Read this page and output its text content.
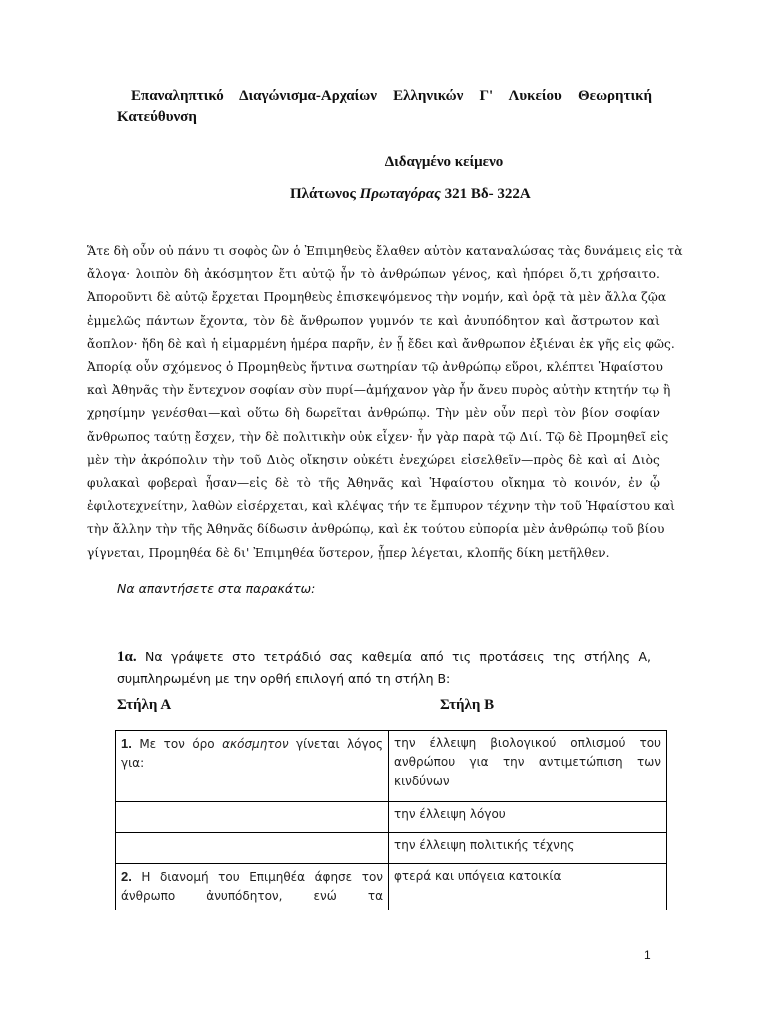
Επαναληπτικό Διαγώνισμα-Αρχαίων Ελληνικών Γ' Λυκείου Θεωρητική
Κατεύθυνση
Διδαγμένο κείμενο
Πλάτωνος Πρωταγόρας 321 Βδ- 322Α
Ἅτε δὴ οὖν οὐ πάνυ τι σοφὸς ὢν ὁ Ἐπιμηθεὺς ἔλαθεν αὑτὸν καταναλώσας τὰς δυνάμεις εἰς τὰ
ἄλογα· λοιπὸν δὴ ἀκόσμητον ἔτι αὐτῷ ἦν τὸ ἀνθρώπων γένος, καὶ ἠπόρει ὅ,τι χρήσαιτο.
Ἀποροῦντι δὲ αὐτῷ ἔρχεται Προμηθεὺς ἐπισκεψόμενος τὴν νομήν, καὶ ὁρᾷ τὰ μὲν ἄλλα ζῷα
ἐμμελῶς πάντων ἔχοντα, τὸν δὲ ἄνθρωπον γυμνόν τε καὶ ἀνυπόδητον καὶ ἄστρωτον καὶ
ἄοπλον· ἤδη δὲ καὶ ἡ εἱμαρμένη ἡμέρα παρῆν, ἐν ᾗ ἔδει καὶ ἄνθρωπον ἐξιέναι ἐκ γῆς εἰς φῶς.
Ἀπορίᾳ οὖν σχόμενος ὁ Προμηθεὺς ἥντινα σωτηρίαν τῷ ἀνθρώπῳ εὕροι, κλέπτει Ἡφαίστου
καὶ Ἀθηνᾶς τὴν ἔντεχνον σοφίαν σὺν πυρί—ἀμήχανον γὰρ ἦν ἄνευ πυρὸς αὐτὴν κτητήν τῳ ἢ
χρησίμην γενέσθαι—καὶ οὕτω δὴ δωρεῖται ἀνθρώπῳ. Τὴν μὲν οὖν περὶ τὸν βίον σοφίαν
ἄνθρωπος ταύτῃ ἔσχεν, τὴν δὲ πολιτικὴν οὐκ εἶχεν· ἦν γὰρ παρὰ τῷ Διί. Τῷ δὲ Προμηθεῖ εἰς
μὲν τὴν ἀκρόπολιν τὴν τοῦ Διὸς οἴκησιν οὐκέτι ἐνεχώρει εἰσελθεῖν—πρὸς δὲ καὶ αἱ Διὸς
φυλακαὶ φοβεραὶ ἦσαν—εἰς δὲ τὸ τῆς Ἀθηνᾶς καὶ Ἡφαίστου οἴκημα τὸ κοινόν, ἐν ᾧ
ἐφιλοτεχνείτην, λαθὼν εἰσέρχεται, καὶ κλέψας τήν τε ἔμπυρον τέχνην τὴν τοῦ Ἡφαίστου καὶ
τὴν ἄλλην τὴν τῆς Ἀθηνᾶς δίδωσιν ἀνθρώπῳ, καὶ ἐκ τούτου εὐπορία μὲν ἀνθρώπῳ τοῦ βίου
γίγνεται, Προμηθέα δὲ δι' Ἐπιμηθέα ὕστερον, ᾗπερ λέγεται, κλοπῆς δίκη μετῆλθεν.
Να απαντήσετε στα παρακάτω:
1α. Να γράψετε στο τετράδιό σας καθεμία από τις προτάσεις της στήλης Α,
συμπληρωμένη με την ορθή επιλογή από τη στήλη Β:
Στήλη Α	Στήλη Β
1. Με τον όρο ακόσμητον γίνεται λόγος για:	την έλλειψη βιολογικού οπλισμού του ανθρώπου για την αντιμετώπιση των κινδύνων
	την έλλειψη λόγου
	την έλλειψη πολιτικής τέχνης
2. Η διανομή του Επιμηθέα άφησε τον άνθρωπο ἀνυπόδητον, ενώ τα	φτερά και υπόγεια κατοικία
1
